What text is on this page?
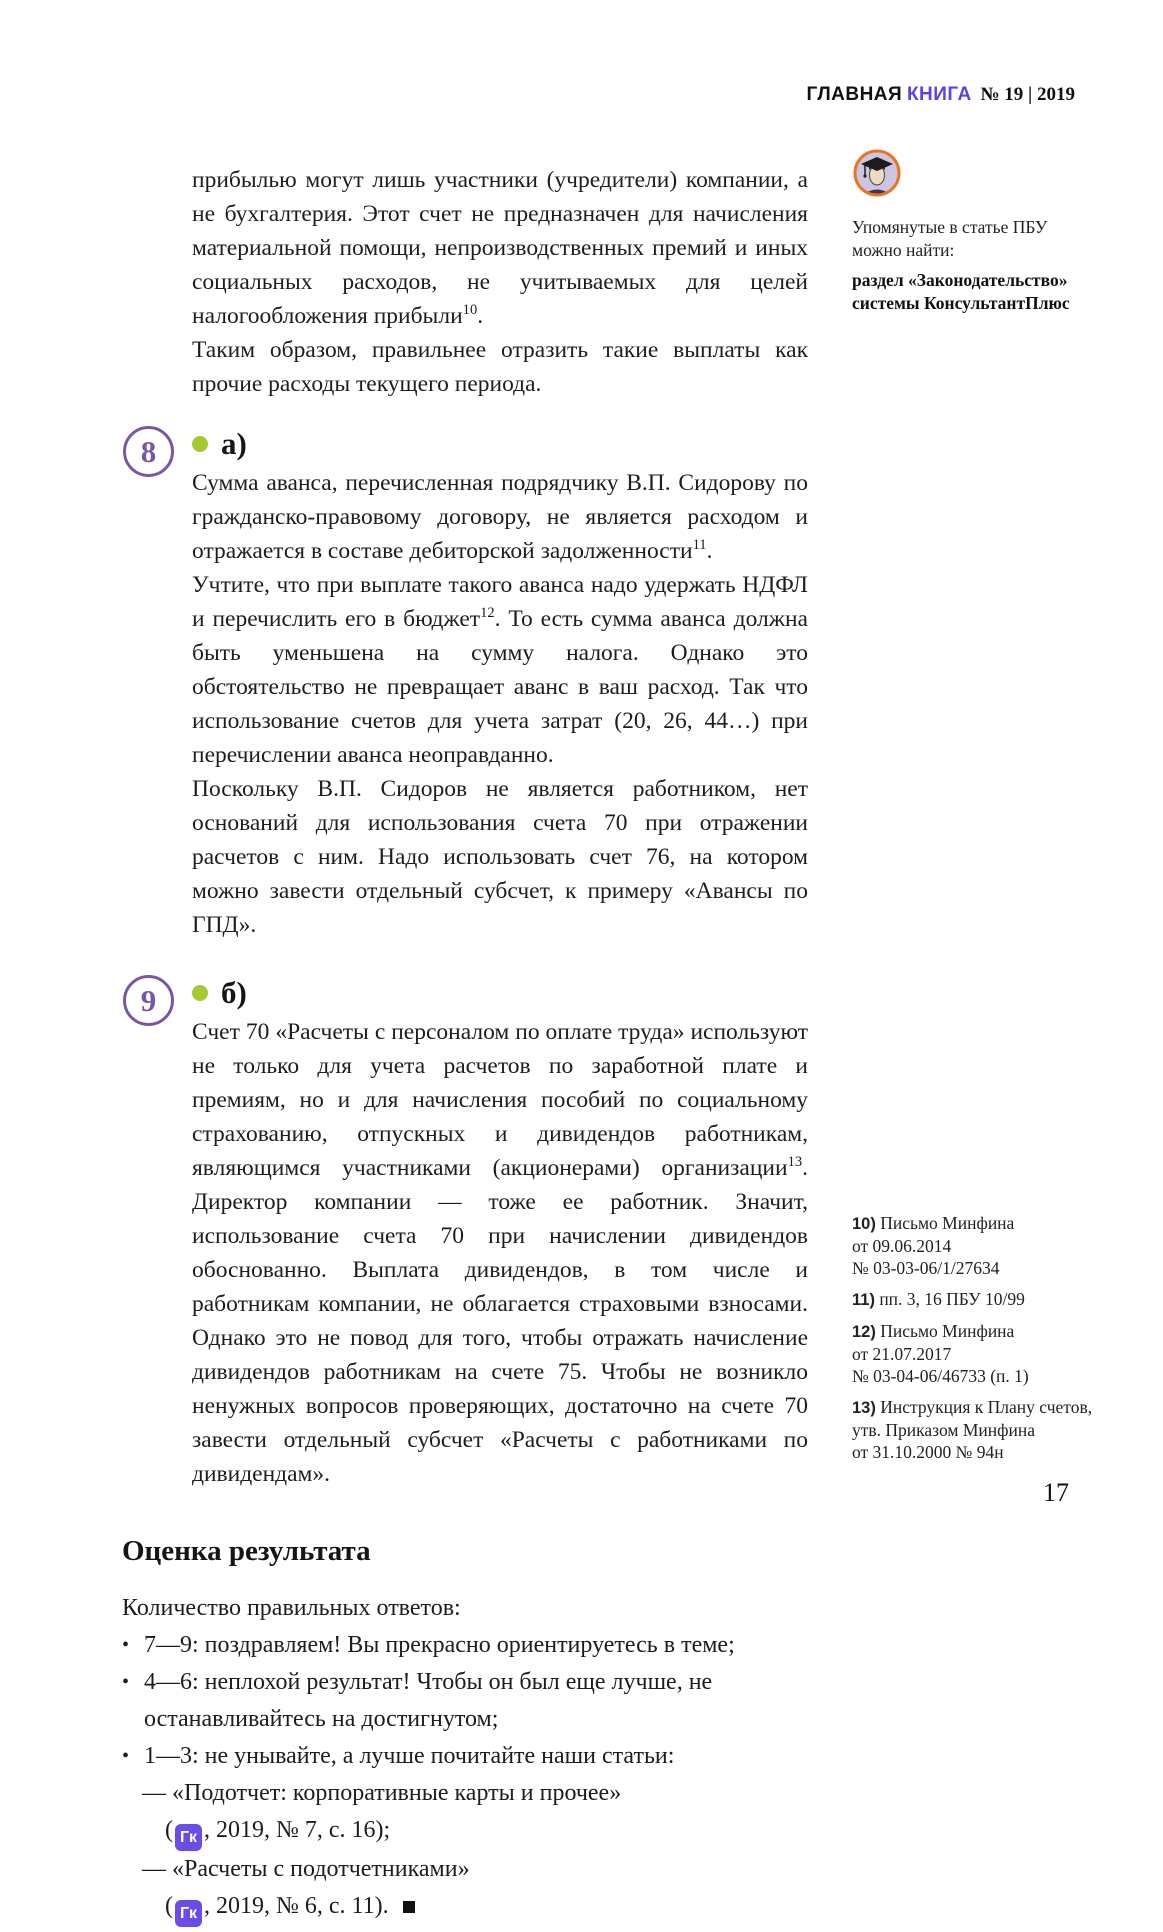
ГЛАВНАЯ КНИГА № 19 | 2019

прибылью могут лишь участники (учредители) компании, а не бухгалтерия. Этот счет не предназначен для начисления материальной помощи, непроизводственных премий и иных социальных расходов, не учитываемых для целей налогообложения прибыли$^{10}$.

Таким образом, правильнее отразить такие выплаты как прочие расходы текущего периода.

8 а)

Сумма аванса, перечисленная подрядчику В.П. Сидорову по гражданско-правовому договору, не является расходом и отражается в составе дебиторской задолженности$^{11}$.

Учтите, что при выплате такого аванса надо удержать НДФЛ и перечислить его в бюджет$^{12}$. То есть сумма аванса должна быть уменьшена на сумму налога. Однако это обстоятельство не превращает аванс в ваш расход. Так что использование счетов для учета затрат (20, 26, 44…) при перечислении аванса неоправданно.

Поскольку В.П. Сидоров не является работником, нет оснований для использования счета 70 при отражении расчетов с ним. Надо использовать счет 76, на котором можно завести отдельный субсчет, к примеру «Авансы по ГПД».

9 б)

Счет 70 «Расчеты с персоналом по оплате труда» используют не только для учета расчетов по заработной плате и премиям, но и для начисления пособий по социальному страхованию, отпускных и дивидендов работникам, являющимся участниками (акционерами) организации$^{13}$. Директор компании — тоже ее работник. Значит, использование счета 70 при начислении дивидендов обоснованно. Выплата дивидендов, в том числе и работникам компании, не облагается страховыми взносами. Однако это не повод для того, чтобы отражать начисление дивидендов работникам на счете 75. Чтобы не возникло ненужных вопросов проверяющих, достаточно на счете 70 завести отдельный субсчет «Расчеты с работниками по дивидендам».

Оценка результата

Количество правильных ответов:

• 7—9: поздравляем! Вы прекрасно ориентируетесь в теме;
• 4—6: неплохой результат! Чтобы он был еще лучше, не останавливайтесь на достигнутом;
• 1—3: не унывайте, а лучше почитайте наши статьи:
— «Подотчет: корпоративные карты и прочее»
( Гк , 2019, № 7, с. 16);
— «Расчеты с подотчетниками»
( Гк , 2019, № 6, с. 11).
Упомянутые в статье ПБУ
можно найти:
раздел «Законодательство»
системы КонсультантПлюс
10) Письмо Минфина
от 09.06.2014
№ 03-03-06/1/27634
11) пп. 3, 16 ПБУ 10/99
12) Письмо Минфина
от 21.07.2017
№ 03-04-06/46733 (п. 1)
13) Инструкция к Плану счетов,
утв. Приказом Минфина
от 31.10.2000 № 94н
17
